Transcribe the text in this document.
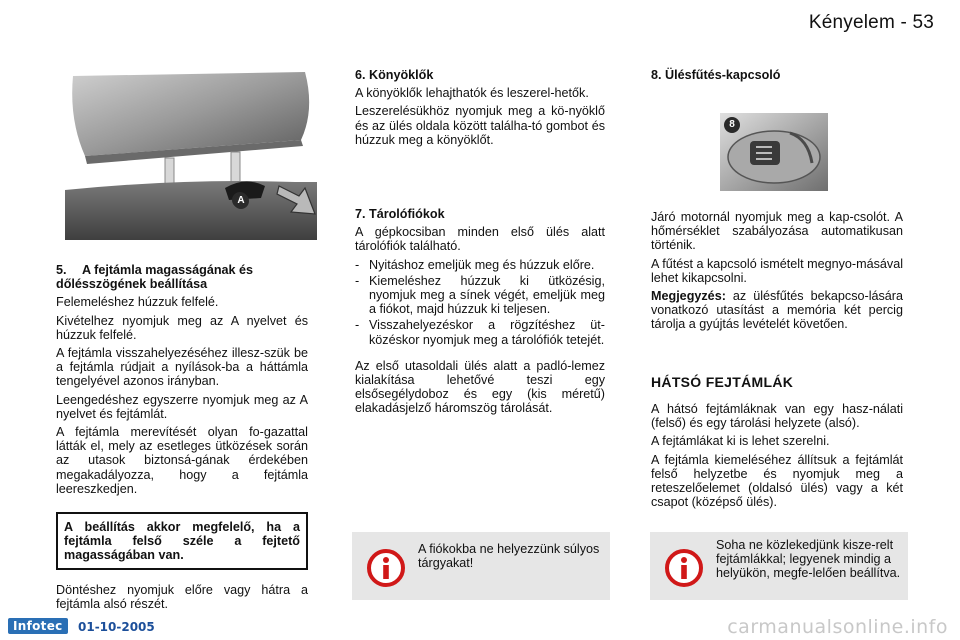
Kényelem - 53
A
5. A fejtámla magasságának és dőlésszögének beállítása

Felemeléshez húzzuk felfelé.

Kivételhez nyomjuk meg az A nyelvet és húzzuk felfelé.

A fejtámla visszahelyezéséhez illesz-szük be a fejtámla rúdjait a nyílások-ba a háttámla tengelyével azonos irányban.

Leengedéshez egyszerre nyomjuk meg az A nyelvet és fejtámlát.

A fejtámla merevítését olyan fo-gazattal látták el, mely az esetleges ütközések során az utasok biztonsá-gának érdekében megakadályozza, hogy a fejtámla leereszkedjen.

A beállítás akkor megfelelő, ha a fejtámla felső széle a fejtető magasságában van.

Döntéshez nyomjuk előre vagy hátra a fejtámla alsó részét.

6. Könyöklők

A könyöklők lehajthatók és leszerel-hetők.

Leszerelésükhöz nyomjuk meg a kö-nyöklő és az ülés oldala között találha-tó gombot és húzzuk meg a könyöklőt.

7. Tárolófiókok

A gépkocsiban minden első ülés alatt tárolófiók található.

- Nyitáshoz emeljük meg és húzzuk előre.
- Kiemeléshez húzzuk ki ütközésig, nyomjuk meg a sínek végét, emeljük meg a fiókot, majd húzzuk ki teljesen.
- Visszahelyezéskor a rögzítéshez üt-közéskor nyomjuk meg a tárolófiók tetejét.

Az első utasoldali ülés alatt a padló-lemez kialakítása lehetővé teszi egy elsősegélydoboz és egy (kis méretű) elakadásjelző háromszög tárolását.

A fiókokba ne helyezzünk súlyos tárgyakat!
8. Ülésfűtés-kapcsoló
8

Járó motornál nyomjuk meg a kap-csolót. A hőmérséklet szabályozása automatikusan történik.

A fűtést a kapcsoló ismételt megnyo-másával lehet kikapcsolni.

Megjegyzés: az ülésfűtés bekapcso-lására vonatkozó utasítást a memória két percig tárolja a gyújtás levételét követően.

HÁTSÓ FEJTÁMLÁK

A hátsó fejtámláknak van egy hasz-nálati (felső) és egy tárolási helyzete (alsó).

A fejtámlákat ki is lehet szerelni.

A fejtámla kiemeléséhez állítsuk a fejtámlát felső helyzetbe és nyomjuk meg a reteszelőelemet (oldalsó ülés) vagy a két csapot (középső ülés).

Soha ne közlekedjünk kisze-relt fejtámlákkal; legyenek mindig a helyükön, megfe-lelően beállítva.
Infotec	01-10-2005	carmanualsonline.info
